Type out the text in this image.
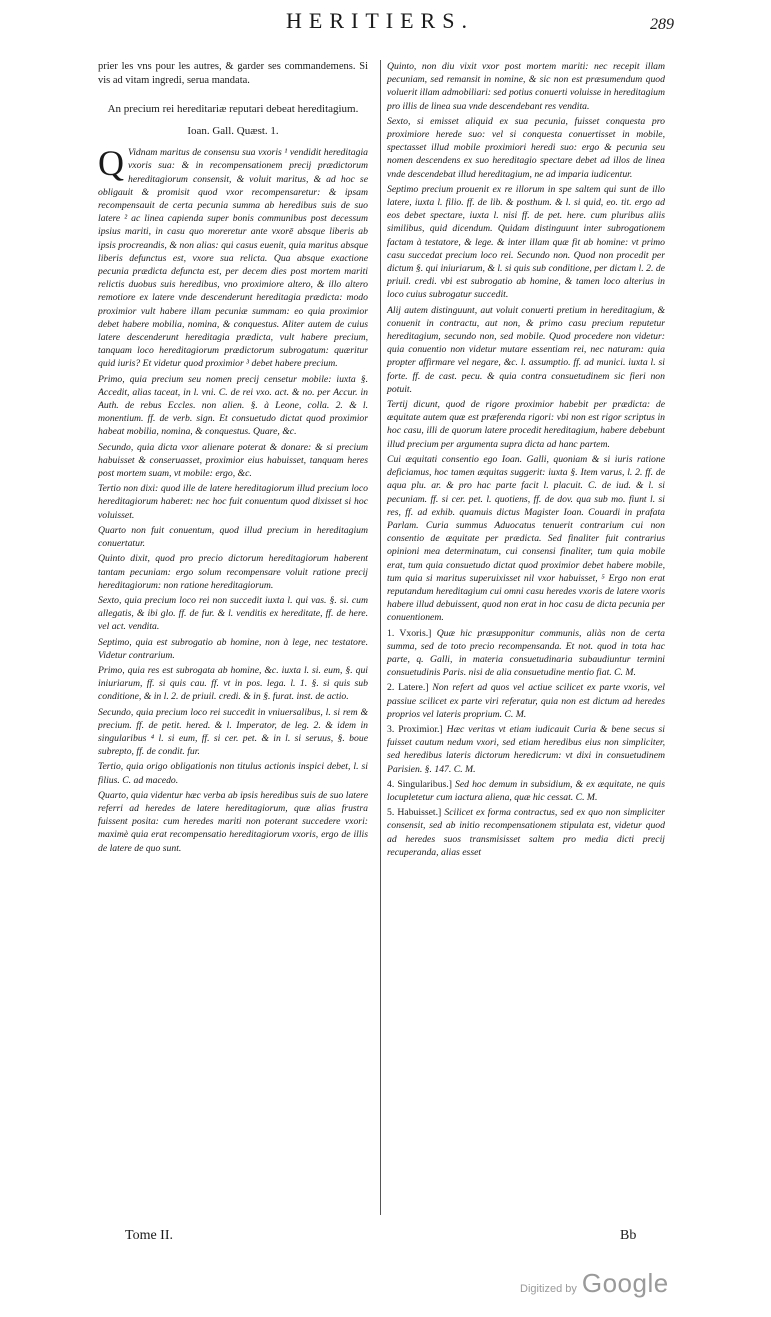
HERITIERS.	289

prier les vns pour les autres, & garder ses commandemens. Si vis ad vitam ingredi, serua mandata.

An precium rei hereditariæ reputari debeat hereditagium.

Ioan. Gall. Quæst. 1.

Q Vidnam maritus de consensu sua vxoris ¹ vendidit hereditagia vxoris sua: & in recompensationem precij prædictorum hereditagiorum consensit, & voluit maritus, & ad hoc se obligauit & promisit quod vxor recompensaretur: & ipsam recompensauit de certa pecunia summa ab heredibus suis de suo latere ² ac linea capienda super bonis communibus post decessum ipsius mariti, in casu quo moreretur ante vxorē absque liberis ab ipsis procreandis, & non alias: qui casus euenit, quia maritus absque liberis defunctus est, vxore sua relicta. Qua absque exactione pecunia prædicta defuncta est, per decem dies post mortem mariti relictis duobus suis heredibus, vno proximiore altero, & illo altero remotiore ex latere vnde descenderunt hereditagia prædicta: modo proximior vult habere illam pecuniæ summam: eo quia proximior debet habere mobilia, nomina, & conquestus. Aliter autem de cuius latere descenderunt hereditagia prædicta, vult habere precium, tanquam loco hereditagiorum prædictorum subrogatum: quæritur quid iuris? Et videtur quod proximior ³ debet habere precium.

Primo, quia precium seu nomen precij censetur mobile: iuxta §. Accedit, alias taceat, in l. vni. C. de rei vxo. act. & no. per Accur. in Auth. de rebus Eccles. non alien. §. à Leone, colla. 2. & l. monentium. ff. de verb. sign. Et consuetudo dictat quod proximior habeat mobilia, nomina, & conquestus. Quare, &c.

Secundo, quia dicta vxor alienare poterat & donare: & si precium habuisset & conseruasset, proximior eius habuisset, tanquam heres post mortem suam, vt mobile: ergo, &c.

Tertio non dixi: quod ille de latere hereditagiorum illud precium loco hereditagiorum haberet: nec hoc fuit conuentum quod dixisset si hoc voluisset.

Quarto non fuit conuentum, quod illud precium in hereditagium conuertatur.

Quinto dixit, quod pro precio dictorum hereditagiorum haberent tantam pecuniam: ergo solum recompensare voluit ratione precij hereditagiorum: non ratione hereditagiorum.

Sexto, quia precium loco rei non succedit iuxta l. qui vas. §. si. cum allegatis, & ibi glo. ff. de fur. & l. venditis ex hereditate, ff. de here. vel act. vendita.

Septimo, quia est subrogatio ab homine, non à lege, nec testatore. Videtur contrarium.

Primo, quia res est subrogata ab homine, &c. iuxta l. si. eum, §. qui iniuriarum, ff. si quis cau. ff. vt in pos. lega. l. 1. §. si quis sub conditione, & in l. 2. de priuil. credi. & in §. furat. inst. de actio.

Secundo, quia precium loco rei succedit in vniuersalibus, l. si rem & precium. ff. de petit. hered. & l. Imperator, de leg. 2. & idem in singularibus ⁴ l. si eum, ff. si cer. pet. & in l. si seruus, §. boue subrepto, ff. de condit. fur.

Tertio, quia origo obligationis non titulus actionis inspici debet, l. si filius. C. ad macedo.

Quarto, quia videntur hæc verba ab ipsis heredibus suis de suo latere referri ad heredes de latere hereditagiorum, quæ alias frustra fuissent posita: cum heredes mariti non poterant succedere vxori: maximè quia erat recompensatio hereditagiorum vxoris, ergo de illis de latere de quo sunt.

Quinto, non diu vixit vxor post mortem mariti: nec recepit illam pecuniam, sed remansit in nomine, & sic non est præsumendum quod voluerit illam admobiliari: sed potius conuerti voluisse in hereditagium pro illis de linea sua vnde descendebant res vendita.

Sexto, si emisset aliquid ex sua pecunia, fuisset conquesta pro proximiore herede suo: vel si conquesta conuertisset in mobile, spectasset illud mobile proximiori heredi suo: ergo & pecunia seu nomen descendens ex suo hereditagio spectare debet ad illos de linea vnde descendebat illud hereditagium, ne ad imparia iudicentur.

Septimo precium prouenit ex re illorum in spe saltem qui sunt de illo latere, iuxta l. filio. ff. de lib. & posthum. & l. si quid, eo. tit. ergo ad eos debet spectare, iuxta l. nisi ff. de pet. here. cum pluribus aliis similibus, quid dicendum. Quidam distinguunt inter subrogationem factam à testatore, & lege. & inter illam quæ fit ab homine: vt primo casu succedat precium loco rei. Secundo non. Quod non procedit per dictum §. qui iniuriarum, & l. si quis sub conditione, per dictam l. 2. de priuil. credi. vbi est subrogatio ab homine, & tamen loco alterius in loco cuius subrogatur succedit.

Alij autem distinguunt, aut voluit conuerti pretium in hereditagium, & conuenit in contractu, aut non, & primo casu precium reputetur hereditagium, secundo non, sed mobile. Quod procedere non videtur: quia conuentio non videtur mutare essentiam rei, nec naturam: quia propter affirmare vel negare, &c. l. assumptio. ff. ad munici. iuxta l. si forte. ff. de cast. pecu. & quia contra consuetudinem sic fieri non potuit.

Tertij dicunt, quod de rigore proximior habebit per prædicta: de æquitate autem quæ est præferenda rigori: vbi non est rigor scriptus in hoc casu, illi de quorum latere procedit hereditagium, habere debebunt illud precium per argumenta supra dicta ad hanc partem.

Cui æquitati consentio ego Ioan. Galli, quoniam & si iuris ratione deficiamus, hoc tamen æquitas suggerit: iuxta §. Item varus, l. 2. ff. de aqua plu. ar. & pro hac parte facit l. placuit. C. de iud. & l. si pecuniam. ff. si cer. pet. l. quotiens, ff. de dov. qua sub mo. fiunt l. si res, ff. ad exhib. quamuis dictus Magister Ioan. Couardi in prafata Parlam. Curia summus Aduocatus tenuerit contrarium cui non consentio de æquitate per prædicta. Sed finaliter fuit contrarius opinioni mea determinatum, cui consensi finaliter, tum quia mobile erat, tum quia consuetudo dictat quod proximior debet habere mobile, tum quia si maritus superuixisset nil vxor habuisset, ⁵ Ergo non erat reputandum hereditagium cui omni casu heredes vxoris de latere vxoris habere illud debuissent, quod non erat in hoc casu de dicta pecunia per conuentionem.

1. Vxoris.] Quæ hic præsupponitur communis, aliàs non de certa summa, sed de toto precio recompensanda. Et not. quod in tota hac parte, q. Galli, in materia consuetudinaria subaudiuntur termini consuetudinis Paris. nisi de alia consuetudine mentio fiat. C. M.

2. Latere.] Non refert ad quos vel actiue scilicet ex parte vxoris, vel passiue scilicet ex parte viri referatur, quia non est dictum ad heredes proprios vel lateris proprium. C. M.

3. Proximior.] Hæc veritas vt etiam iudicauit Curia & bene secus si fuisset cautum nedum vxori, sed etiam heredibus eius non simpliciter, sed heredibus lateris dictorum heredicrum: vt dixi in consuetudinem Parisien. §. 147. C. M.

4. Singularibus.] Sed hoc demum in subsidium, & ex æquitate, ne quis locupletetur cum iactura aliena, quæ hic cessat. C. M.

5. Habuisset.] Scilicet ex forma contractus, sed ex quo non simpliciter consensit, sed ab initio recompensationem stipulata est, videtur quod ad heredes suos transmisisset saltem pro media dicti precij recuperanda, alias esset

Tome II.	Bb
Digitized by Google
